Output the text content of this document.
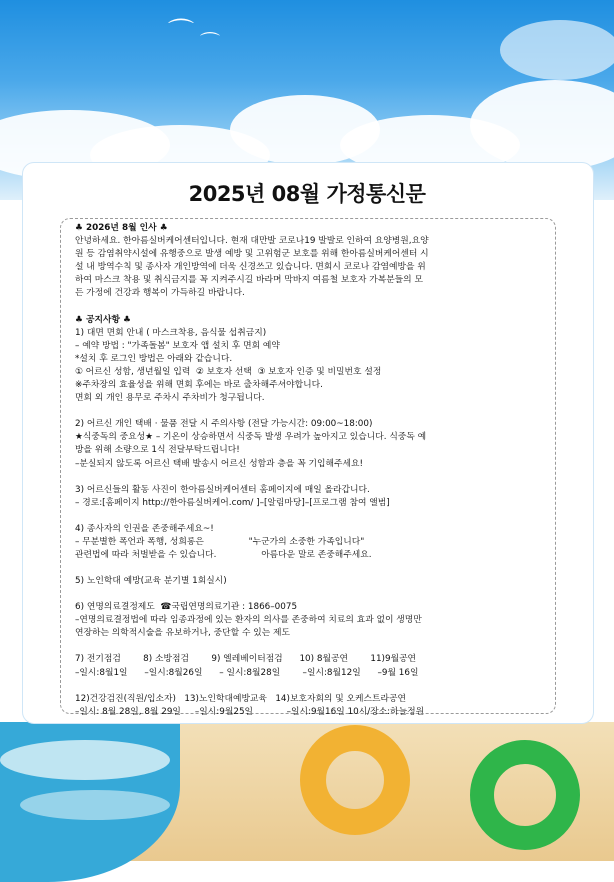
⌒ ⌒
2025년 08월 가정통신문

♣ 2026년 8월 인사 ♣

안녕하세요. 한아름실버케어센터입니다. 현재 대만발 코로나19 발발로 인하여 요양병원,요양

원 등 감염취약시설에 유행중으로 발생 예방 및 고위험군 보호를 위해 한아름실버케어센터 시

설 내 방역수칙 및 종사자 개인방역에 더욱 신경쓰고 있습니다. 면회시 코로나 감염예방을 위

하여 마스크 착용 및 취식금지를 꼭 지켜주시길 바라며 막바지 여름철 보호자 가복분들의 모

든 가정에 건강과 행복이 가득하길 바랍니다.

♣ 공지사항 ♣

1) 대면 면회 안내 ( 마스크착용, 음식물 섭취금지)

– 예약 방법 : "가족돌봄" 보호자 앱 설치 후 면회 예약

*설치 후 로그인 방법은 아래와 같습니다.

① 어르신 성함, 생년월일 입력  ② 보호자 선택  ③ 보호자 인증 및 비밀번호 설정

※주차장의 효율성을 위해 면회 후에는 바로 출차해주셔야합니다.

면회 외 개인 용무로 주차시 주차비가 청구됩니다.

2) 어르신 개인 택배 · 물품 전달 시 주의사항 (전달 가능시간: 09:00~18:00)

★식중독의 중요성★ – 기온이 상승하면서 식중독 발생 우려가 높아지고 있습니다. 식중독 예

방을 위해 소량으로 1식 전달부탁드립니다!

–분실되지 않도록 어르신 택배 발송시 어르신 성함과 층을 꼭 기입해주세요!

3) 어르신들의 활동 사진이 한아름실버케어센터 홈페이지에 매일 올라갑니다.

– 경로:[홈페이지 http://한아름실버케어.com/ ]–[알림마당]–[프로그램 참여 앨범]

4) 종사자의 인권을 존중해주세요~!

– 무분별한 폭언과 폭행, 성희롱은                "누군가의 소중한 가족입니다"

관련법에 따라 처벌받을 수 있습니다.                아름다운 말로 존중해주세요.

5) 노인학대 예방(교육 분기별 1회실시)

6) 연명의료결정제도  ☎국립연명의료기관 : 1866–0075

–연명의료결정법에 따라 임종과정에 있는 환자의 의사를 존중하여 치료의 효과 없이 생명만

연장하는 의학적시술을 유보하거나, 중단할 수 있는 제도

7) 전기점검        8) 소방점검        9) 엘레베이터점검      10) 8월공연        11)9월공연

–일시:8월1일      –일시:8월26일      – 일시:8월28일        –일시:8월12일      –9월 16일

12)건강검진(직원/입소자)   13)노인학대예방교육   14)보호자회의 및 오케스트라공연

–일시: 8월 28일, 8월 29일     –일시:9월25일            –일시:9월16일 10시/장소:하늘정원
